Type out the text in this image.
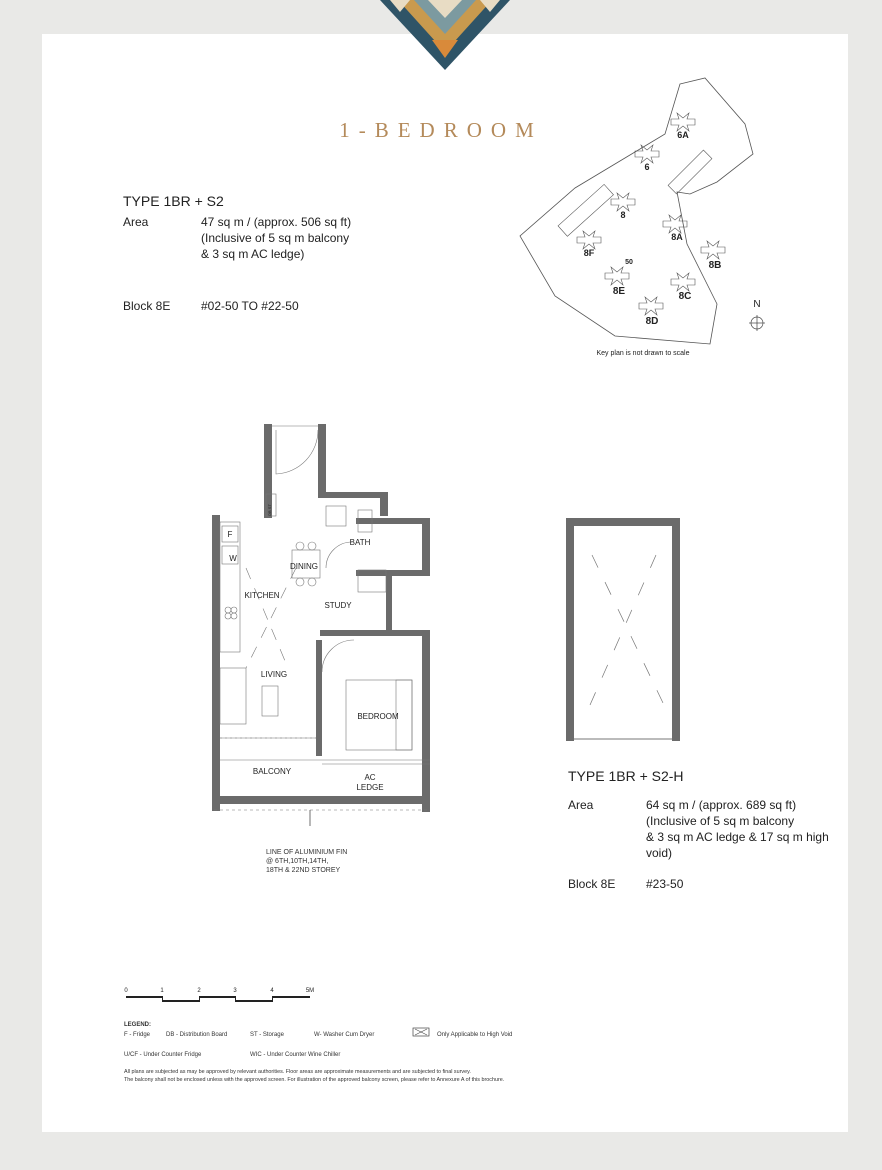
1-BEDROOM
TYPE 1BR + S2
Area	47 sq m / (approx. 506 sq ft)
(Inclusive of 5 sq m balcony
& 3 sq m AC ledge)
Block 8E	#02-50 TO #22-50
6A
6
8
8A
8F
8B
8E	8C
8D
50
N
Key plan is not drawn to scale
F
W
DINING
KITCHEN
STUDY
BATH
LIVING
BEDROOM
BALCONY
AC
LEDGE
DB ST
LINE OF ALUMINIUM FIN
@ 6TH,10TH,14TH,
18TH & 22ND STOREY
TYPE 1BR + S2-H
Area	64 sq m / (approx. 689 sq ft)
(Inclusive of 5 sq m balcony
& 3 sq m AC ledge & 17 sq m high
void)
Block 8E	#23-50
0	1	2	3	4	5M
LEGEND:
F - Fridge	DB - Distribution Board	ST - Storage	W- Washer Cum Dryer	Only Applicable to High Void
U/CF - Under Counter Fridge	WIC - Under Counter Wine Chiller
All plans are subjected as may be approved by relevant authorities. Floor areas are approximate measurements and are subjected to final survey.
The balcony shall not be enclosed unless with the approved screen. For illustration of the approved balcony screen, please refer to Annexure A of this brochure.
